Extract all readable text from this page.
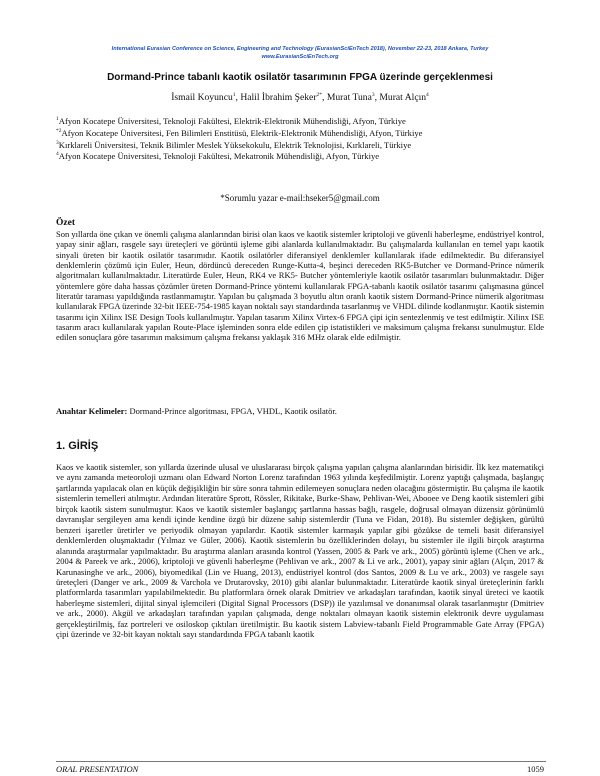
International Eurasian Conference on Science, Engineering and Technology (EurasianSciEnTech 2018), November 22-23, 2018 Ankara, Turkey
www.EurasianSciEnTech.org
Dormand-Prince tabanlı kaotik osilatör tasarımının FPGA üzerinde gerçeklenmesi
İsmail Koyuncu$^1$, Halil İbrahim Şeker$^{2*}$, Murat Tuna$^3$, Murat Alçın$^4$
$^1$Afyon Kocatepe Üniversitesi, Teknoloji Fakültesi, Elektrik-Elektronik Mühendisliği, Afyon, Türkiye
$^{*2}$Afyon Kocatepe Üniversitesi, Fen Bilimleri Enstitüsü, Elektrik-Elektronik Mühendisliği, Afyon, Türkiye
$^3$Kırklareli Üniversitesi, Teknik Bilimler Meslek Yüksekokulu, Elektrik Teknolojisi, Kırklareli, Türkiye
$^4$Afyon Kocatepe Üniversitesi, Teknoloji Fakültesi, Mekatronik Mühendisliği, Afyon, Türkiye
*Sorumlu yazar e-mail:hseker5@gmail.com
Özet
Son yıllarda öne çıkan ve önemli çalışma alanlarından birisi olan kaos ve kaotik sistemler kriptoloji ve güvenli haberleşme, endüstriyel kontrol, yapay sinir ağları, rasgele sayı üreteçleri ve görüntü işleme gibi alanlarda kullanılmaktadır. Bu çalışmalarda kullanılan en temel yapı kaotik sinyali üreten bir kaotik osilatör tasarımıdır. Kaotik osilatörler diferansiyel denklemler kullanılarak ifade edilmektedir. Bu diferansiyel denklemlerin çözümü için Euler, Heun, dördüncü dereceden Runge-Kutta-4, beşinci dereceden RK5-Butcher ve Dormand-Prince nümerik algoritmaları kullanılmaktadır. Literatürde Euler, Heun, RK4 ve RK5- Butcher yöntemleriyle kaotik osilatör tasarımları bulunmaktadır. Diğer yöntemlere göre daha hassas çözümler üreten Dormand-Prince yöntemi kullanılarak FPGA-tabanlı kaotik osilatör tasarımı çalışmasına güncel literatür taraması yapıldığında rastlanmamıştır. Yapılan bu çalışmada 3 boyutlu altın oranlı kaotik sistem Dormand-Prince nümerik algoritması kullanılarak FPGA üzerinde 32-bit IEEE-754-1985 kayan noktalı sayı standardında tasarlanmış ve VHDL dilinde kodlanmıştır. Kaotik sistemin tasarımı için Xilinx ISE Design Tools kullanılmıştır. Yapılan tasarım Xilinx Virtex-6 FPGA çipi için sentezlenmiş ve test edilmiştir. Xilinx ISE tasarım aracı kullanılarak yapılan Route-Place işleminden sonra elde edilen çip istatistikleri ve maksimum çalışma frekansı sunulmuştur. Elde edilen sonuçlara göre tasarımın maksimum çalışma frekansı yaklaşık 316 MHz olarak elde edilmiştir.
Anahtar Kelimeler: Dormand-Prince algoritması, FPGA, VHDL, Kaotik osilatör.
1. GİRİŞ
Kaos ve kaotik sistemler, son yıllarda üzerinde ulusal ve uluslararası birçok çalışma yapılan çalışma alanlarından birisidir. İlk kez matematikçi ve aynı zamanda meteoroloji uzmanı olan Edward Norton Lorenz tarafından 1963 yılında keşfedilmiştir. Lorenz yaptığı çalışmada, başlangıç şartlarında yapılacak olan en küçük değişikliğin bir süre sonra tahmin edilemeyen sonuçlara neden olacağını göstermiştir. Bu çalışma ile kaotik sistemlerin temelleri atılmıştır. Ardından literatüre Sprott, Rössler, Rikitake, Burke-Shaw, Pehlivan-Wei, Abooee ve Deng kaotik sistemleri gibi birçok kaotik sistem sunulmuştur. Kaos ve kaotik sistemler başlangıç şartlarına hassas bağlı, rasgele, doğrusal olmayan düzensiz görünümlü davranışlar sergileyen ama kendi içinde kendine özgü bir düzene sahip sistemlerdir (Tuna ve Fidan, 2018). Bu sistemler değişken, gürültü benzeri işaretler üretirler ve periyodik olmayan yapılardır. Kaotik sistemler karmaşık yapılar gibi gözükse de temeli basit diferansiyel denklemlerden oluşmaktadır (Yılmaz ve Güler, 2006). Kaotik sistemlerin bu özelliklerinden dolayı, bu sistemler ile ilgili birçok araştırma alanında araştırmalar yapılmaktadır. Bu araştırma alanları arasında kontrol (Yassen, 2005 & Park ve ark., 2005) görüntü işleme (Chen ve ark., 2004 & Pareek ve ark., 2006), kriptoloji ve güvenli haberleşme (Pehlivan ve ark., 2007 & Li ve ark., 2001), yapay sinir ağları (Alçın, 2017 & Karunasinghe ve ark., 2006), biyomedikal (Lin ve Huang, 2013), endüstriyel kontrol (dos Santos, 2009 & Lu ve ark., 2003) ve rasgele sayı üreteçleri (Danger ve ark., 2009 & Varchola ve Drutarovsky, 2010) gibi alanlar bulunmaktadır. Literatürde kaotik sinyal üreteçlerinin farklı platformlarda tasarımları yapılabilmektedir. Bu platformlara örnek olarak Dmitriev ve arkadaşları tarafından, kaotik sinyal üreteci ve kaotik haberleşme sistemleri, dijital sinyal işlemcileri (Digital Signal Processors (DSP)) ile yazılımsal ve donanımsal olarak tasarlanmıştır (Dmitriev ve ark., 2000). Akgül ve arkadaşları tarafından yapılan çalışmada, denge noktaları olmayan kaotik sistemin elektronik devre uygulaması gerçekleştirilmiş, faz portreleri ve osiloskop çıktıları üretilmiştir. Bu kaotik sistem Labview-tabanlı Field Programmable Gate Array (FPGA) çipi üzerinde ve 32-bit kayan noktalı sayı standardında FPGA tabanlı kaotik
ORAL PRESENTATION	1059
